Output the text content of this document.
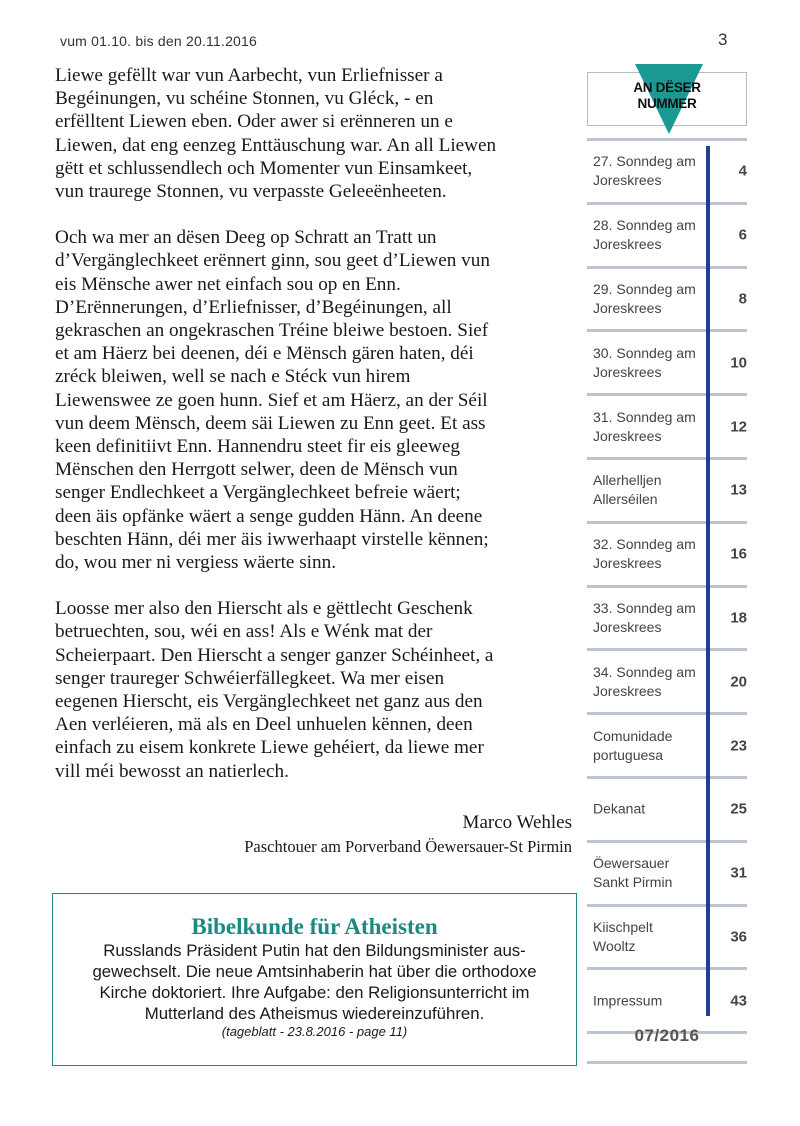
vum 01.10. bis den 20.11.2016	3

Liewe gefëllt war vun Aarbecht, vun Erliefnisser a
Begéinungen, vu schéine Stonnen, vu Gléck, - en
erfëlltent Liewen eben. Oder awer si erënneren un e
Liewen, dat eng eenzeg Enttäuschung war. An all Liewen
gëtt et schlussendlech och Momenter vun Einsamkeet,
vun traurege Stonnen, vu verpasste Geleeënheeten.

Och wa mer an dësen Deeg op Schratt an Tratt un
d’Vergänglechkeet erënnert ginn, sou geet d’Liewen vun
eis Mënsche awer net einfach sou op en Enn.
D’Erënnerungen, d’Erliefnisser, d’Begéinungen, all
gekraschen an ongekraschen Tréine bleiwe bestoen. Sief
et am Häerz bei deenen, déi e Mënsch gären haten, déi
zréck bleiwen, well se nach e Stéck vun hirem
Liewenswee ze goen hunn. Sief et am Häerz, an der Séil
vun deem Mënsch, deem säi Liewen zu Enn geet. Et ass
keen definitiivt Enn. Hannendru steet fir eis gleeweg
Mënschen den Herrgott selwer, deen de Mënsch vun
senger Endlechkeet a Vergänglechkeet befreie wäert;
deen äis opfänke wäert a senge gudden Hänn. An deene
beschten Hänn, déi mer äis iwwerhaapt virstelle kënnen;
do, wou mer ni vergiess wäerte sinn.

Loosse mer also den Hierscht als e gëttlecht Geschenk
betruechten, sou, wéi en ass! Als e Wénk mat der
Scheierpaart. Den Hierscht a senger ganzer Schéinheet, a
senger traureger Schwéierfällegkeet. Wa mer eisen
eegenen Hierscht, eis Vergänglechkeet net ganz aus den
Aen verléieren, mä als en Deel unhuelen kënnen, deen
einfach zu eisem konkrete Liewe gehéiert, da liewe mer
vill méi bewosst an natierlech.

Marco Wehles
Paschtouer am Porverband Öewersauer-St Pirmin
Bibelkunde für Atheisten
Russlands Präsident Putin hat den Bildungsminister aus-
gewechselt. Die neue Amtsinhaberin hat über die orthodoxe
Kirche doktoriert. Ihre Aufgabe: den Religionsunterricht im
Mutterland des Atheismus wiedereinzuführen.
(tageblatt - 23.8.2016 - page 11)
AN DËSER
NUMMER
27. Sonndeg am
Joreskrees
4
28. Sonndeg am
Joreskrees
6
29. Sonndeg am
Joreskrees
8
30. Sonndeg am
Joreskrees
10
31. Sonndeg am
Joreskrees
12
Allerhelljen
Allerséilen
13
32. Sonndeg am
Joreskrees
16
33. Sonndeg am
Joreskrees
18
34. Sonndeg am
Joreskrees
20
Comunidade
portuguesa
23
Dekanat	25
Öewersauer
Sankt Pirmin
31
Kiischpelt
Wooltz
36
Impressum	43
07/2016
